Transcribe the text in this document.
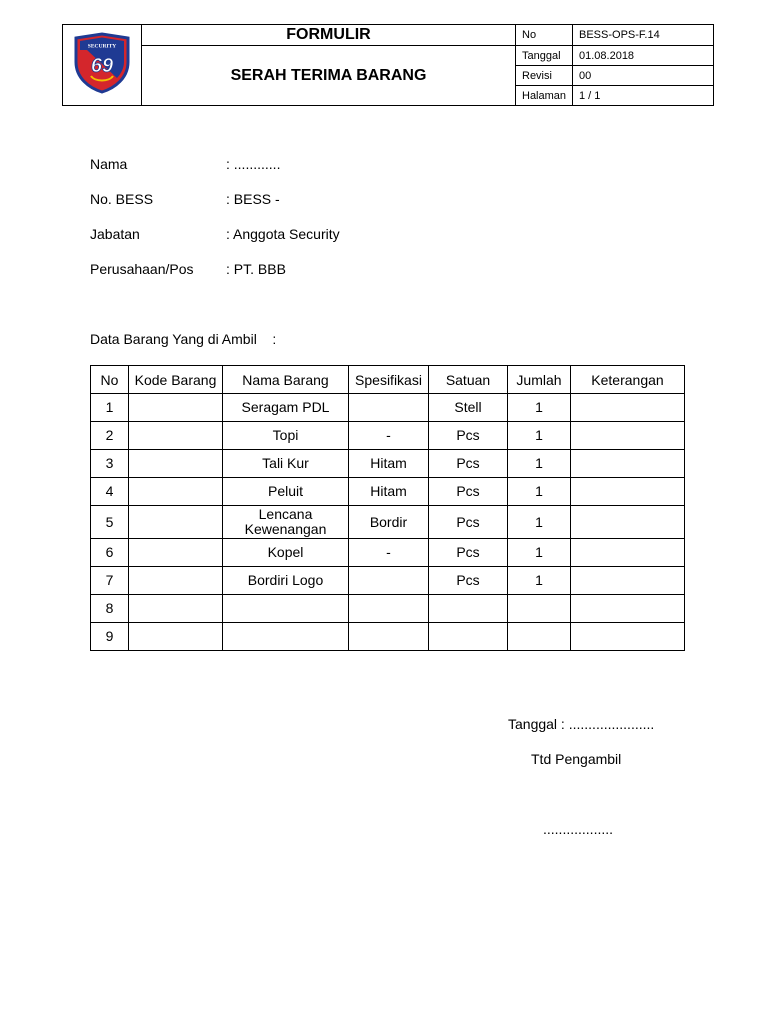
SECURITY
69	FORMULIR	No	BESS-OPS-F.14
	SERAH TERIMA BARANG	Tanggal	01.08.2018
		Revisi	00
		Halaman	1 / 1
Nama	: ............
No. BESS	: BESS -
Jabatan	: Anggota Security
Perusahaan/Pos : PT. BBB
Data Barang Yang di Ambil    :
No	Kode Barang	Nama Barang	Spesifikasi	Satuan	Jumlah	Keterangan
1		Seragam PDL		Stell	1	
2		Topi	-	Pcs	1	
3		Tali Kur	Hitam	Pcs	1	
4		Peluit	Hitam	Pcs	1	
5		Lencana Kewenangan	Bordir	Pcs	1	
6		Kopel	-	Pcs	1	
7		Bordiri Logo		Pcs	1	
8						
9						
Tanggal : ......................
Ttd Pengambil
..................
